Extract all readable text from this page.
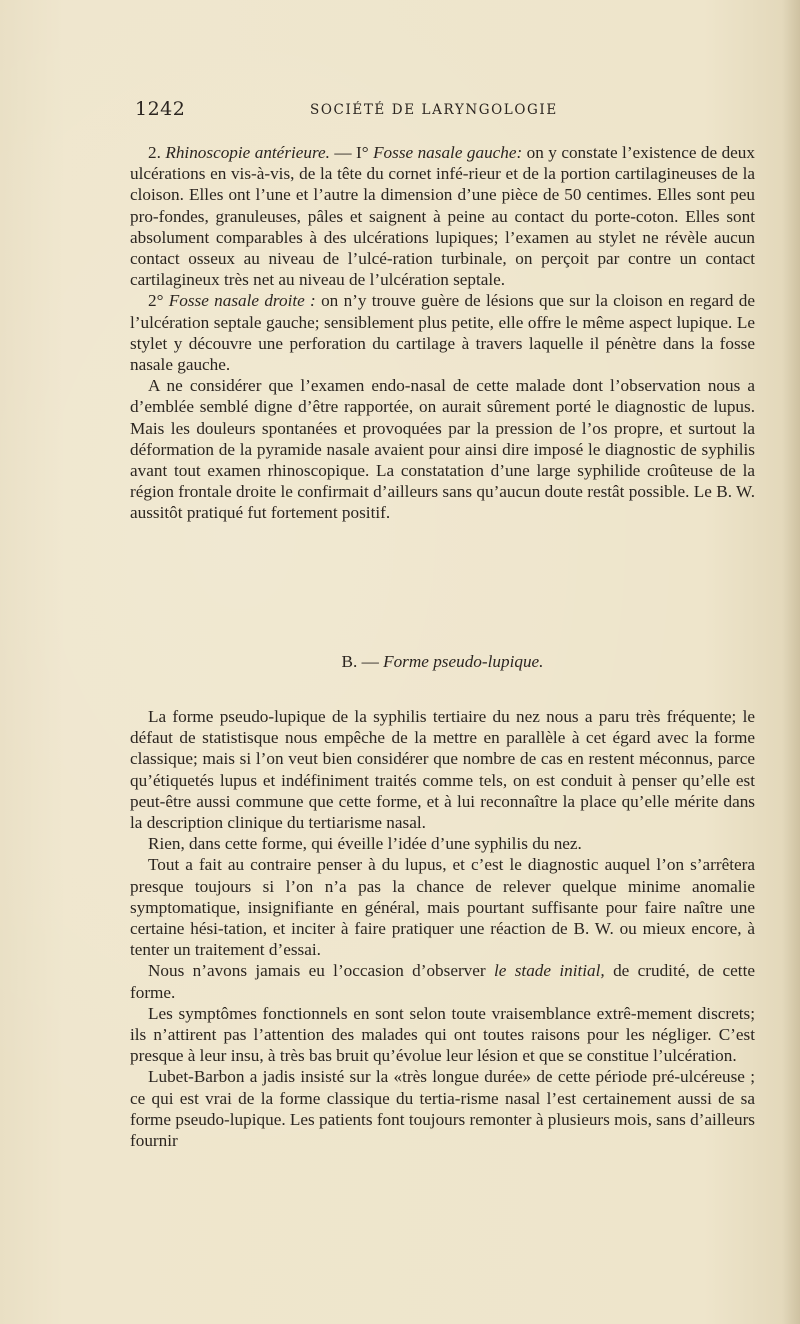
1242	SOCIÉTÉ DE LARYNGOLOGIE

2. Rhinoscopie antérieure. — I° Fosse nasale gauche: on y constate l’existence de deux ulcérations en vis-à-vis, de la tête du cornet infé-rieur et de la portion cartilagineuses de la cloison. Elles ont l’une et l’autre la dimension d’une pièce de 50 centimes. Elles sont peu pro-fondes, granuleuses, pâles et saignent à peine au contact du porte-coton. Elles sont absolument comparables à des ulcérations lupiques; l’examen au stylet ne révèle aucun contact osseux au niveau de l’ulcé-ration turbinale, on perçoit par contre un contact cartilagineux très net au niveau de l’ulcération septale.

2° Fosse nasale droite : on n’y trouve guère de lésions que sur la cloison en regard de l’ulcération septale gauche; sensiblement plus petite, elle offre le même aspect lupique. Le stylet y découvre une perforation du cartilage à travers laquelle il pénètre dans la fosse nasale gauche.

A ne considérer que l’examen endo-nasal de cette malade dont l’observation nous a d’emblée semblé digne d’être rapportée, on aurait sûrement porté le diagnostic de lupus. Mais les douleurs spontanées et provoquées par la pression de l’os propre, et surtout la déformation de la pyramide nasale avaient pour ainsi dire imposé le diagnostic de syphilis avant tout examen rhinoscopique. La constatation d’une large syphilide croûteuse de la région frontale droite le confirmait d’ailleurs sans qu’aucun doute restât possible. Le B. W. aussitôt pratiqué fut fortement positif.

B. — Forme pseudo-lupique.

La forme pseudo-lupique de la syphilis tertiaire du nez nous a paru très fréquente; le défaut de statistisque nous empêche de la mettre en parallèle à cet égard avec la forme classique; mais si l’on veut bien considérer que nombre de cas en restent méconnus, parce qu’étiquetés lupus et indéfiniment traités comme tels, on est conduit à penser qu’elle est peut-être aussi commune que cette forme, et à lui reconnaître la place qu’elle mérite dans la description clinique du tertiarisme nasal.

Rien, dans cette forme, qui éveille l’idée d’une syphilis du nez.

Tout a fait au contraire penser à du lupus, et c’est le diagnostic auquel l’on s’arrêtera presque toujours si l’on n’a pas la chance de relever quelque minime anomalie symptomatique, insignifiante en général, mais pourtant suffisante pour faire naître une certaine hési-tation, et inciter à faire pratiquer une réaction de B. W. ou mieux encore, à tenter un traitement d’essai.

Nous n’avons jamais eu l’occasion d’observer le stade initial, de crudité, de cette forme.

Les symptômes fonctionnels en sont selon toute vraisemblance extrê-mement discrets; ils n’attirent pas l’attention des malades qui ont toutes raisons pour les négliger. C’est presque à leur insu, à très bas bruit qu’évolue leur lésion et que se constitue l’ulcération.

Lubet-Barbon a jadis insisté sur la «très longue durée» de cette période pré-ulcéreuse ; ce qui est vrai de la forme classique du tertia-risme nasal l’est certainement aussi de sa forme pseudo-lupique. Les patients font toujours remonter à plusieurs mois, sans d’ailleurs fournir
